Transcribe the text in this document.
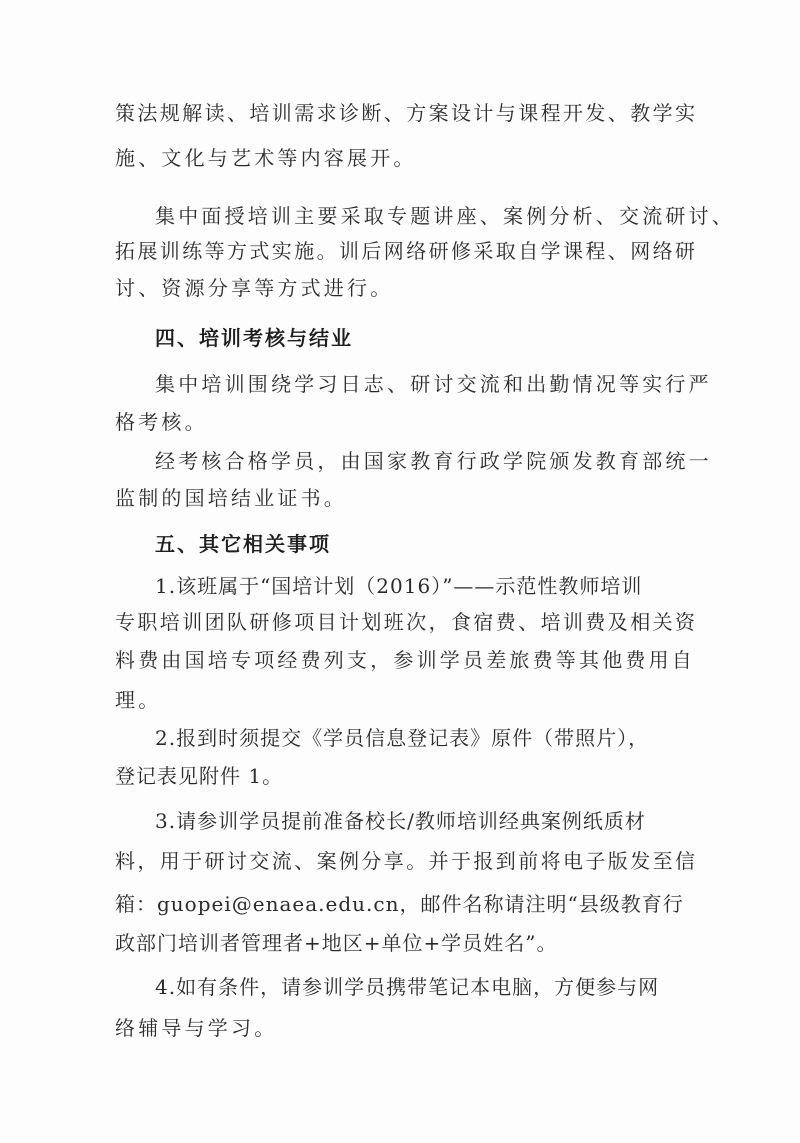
策法规解读、培训需求诊断、方案设计与课程开发、教学实
施、文化与艺术等内容展开。
集中面授培训主要采取专题讲座、案例分析、交流研讨、
拓展训练等方式实施。训后网络研修采取自学课程、网络研
讨、资源分享等方式进行。
四、培训考核与结业
集中培训围绕学习日志、研讨交流和出勤情况等实行严
格考核。
经考核合格学员，由国家教育行政学院颁发教育部统一
监制的国培结业证书。
五、其它相关事项
1.该班属于“国培计划（2016）”——示范性教师培训
专职培训团队研修项目计划班次，食宿费、培训费及相关资
料费由国培专项经费列支，参训学员差旅费等其他费用自
理。
2.报到时须提交《学员信息登记表》原件（带照片），
登记表见附件 1。
3.请参训学员提前准备校长/教师培训经典案例纸质材
料，用于研讨交流、案例分享。并于报到前将电子版发至信
箱：guopei@enaea.edu.cn，邮件名称请注明“县级教育行
政部门培训者管理者+地区+单位+学员姓名”。
4.如有条件，请参训学员携带笔记本电脑，方便参与网
络辅导与学习。
